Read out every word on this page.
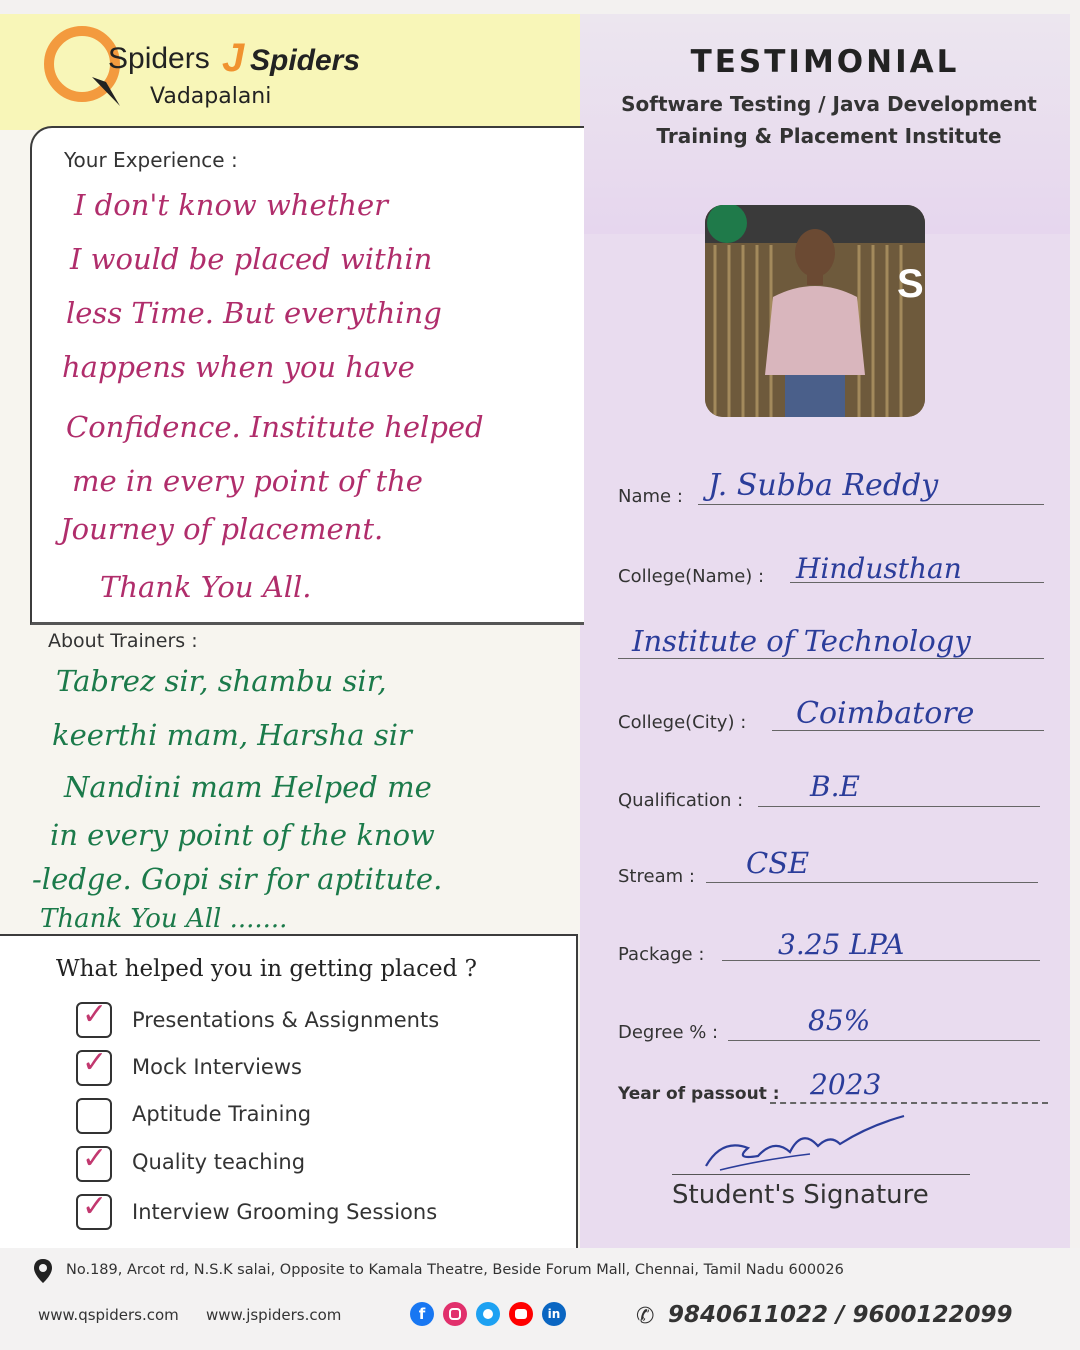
Spiders J Spiders
Vadapalani
TESTIMONIAL
Software Testing / Java Development
Training & Placement Institute
S
Your Experience :
I don't know whether
I would be placed within
less Time. But everything
happens when you have
Confidence. Institute helped
me in every point of the
Journey of placement.
Thank You All.
About Trainers :
Tabrez sir, shambu sir,
keerthi mam, Harsha sir
Nandini mam Helped me
in every point of the know
-ledge. Gopi sir for aptitute.
Thank You All .......
What helped you in getting placed ?
✓ Presentations & Assignments
✓ Mock Interviews
Aptitude Training
✓ Quality teaching
✓ Interview Grooming Sessions
Name : J. Subba Reddy
College(Name) : Hindusthan
Institute of Technology
College(City) : Coimbatore
Qualification : B.E
Stream : CSE
Package :	3.25 LPA
Degree % :	85%
Year of passout : 2023
Student's Signature
No.189, Arcot rd, N.S.K salai, Opposite to Kamala Theatre, Beside Forum Mall, Chennai, Tamil Nadu 600026
www.qspiders.com www.jspiders.com	f	in	✆ 9840611022 / 9600122099
